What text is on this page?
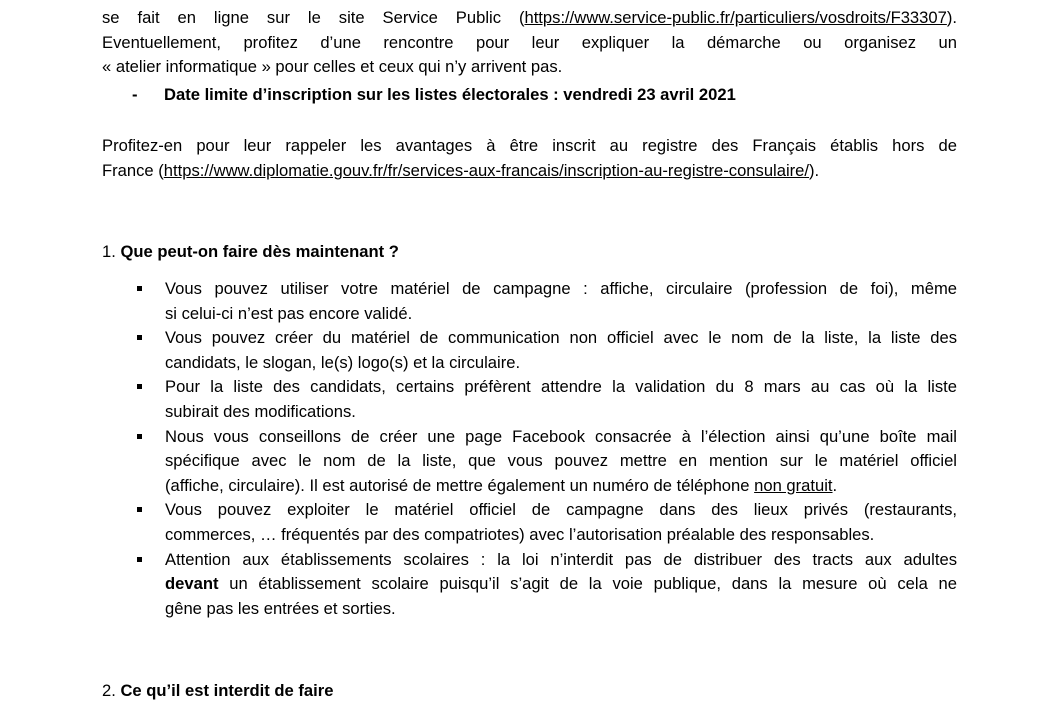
se fait en ligne sur le site Service Public (https://www.service-public.fr/particuliers/vosdroits/F33307).
Eventuellement, profitez d’une rencontre pour leur expliquer la démarche ou organisez un
« atelier informatique » pour celles et ceux qui n’y arrivent pas.
- Date limite d’inscription sur les listes électorales : vendredi 23 avril 2021
Profitez-en pour leur rappeler les avantages à être inscrit au registre des Français établis hors de
France (https://www.diplomatie.gouv.fr/fr/services-aux-francais/inscription-au-registre-consulaire/).
1. Que peut-on faire dès maintenant ?
Vous pouvez utiliser votre matériel de campagne : affiche, circulaire (profession de foi), même
si celui-ci n’est pas encore validé.
Vous pouvez créer du matériel de communication non officiel avec le nom de la liste, la liste des
candidats, le slogan, le(s) logo(s) et la circulaire.
Pour la liste des candidats, certains préfèrent attendre la validation du 8 mars au cas où la liste
subirait des modifications.
Nous vous conseillons de créer une page Facebook consacrée à l’élection ainsi qu’une boîte mail
spécifique avec le nom de la liste, que vous pouvez mettre en mention sur le matériel officiel
(affiche, circulaire). Il est autorisé de mettre également un numéro de téléphone non gratuit.
Vous pouvez exploiter le matériel officiel de campagne dans des lieux privés (restaurants,
commerces, … fréquentés par des compatriotes) avec l’autorisation préalable des responsables.
Attention aux établissements scolaires : la loi n’interdit pas de distribuer des tracts aux adultes
devant un établissement scolaire puisqu’il s’agit de la voie publique, dans la mesure où cela ne
gêne pas les entrées et sorties.
2. Ce qu’il est interdit de faire
